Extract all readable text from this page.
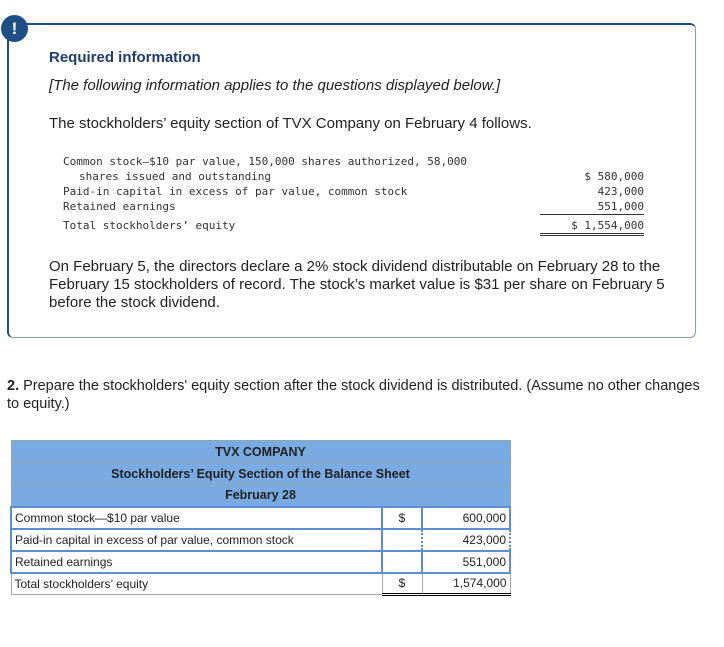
!
Required information
[The following information applies to the questions displayed below.]
The stockholders’ equity section of TVX Company on February 4 follows.
Common stock—$10 par value, 150,000 shares authorized, 58,000
shares issued and outstanding	$ 580,000
Paid-in capital in excess of par value, common stock	423,000
Retained earnings	551,000
Total stockholders’ equity	$ 1,554,000
On February 5, the directors declare a 2% stock dividend distributable on February 28 to the February 15 stockholders of record. The stock’s market value is $31 per share on February 5 before the stock dividend.
2. Prepare the stockholders' equity section after the stock dividend is distributed. (Assume no other changes to equity.)
TVX COMPANY		
Stockholders’ Equity Section of the Balance Sheet		
February 28		
Common stock—$10 par value	$	600,000
Paid-in capital in excess of par value, common stock		423,000
Retained earnings		551,000
Total stockholders’ equity	$	1,574,000
